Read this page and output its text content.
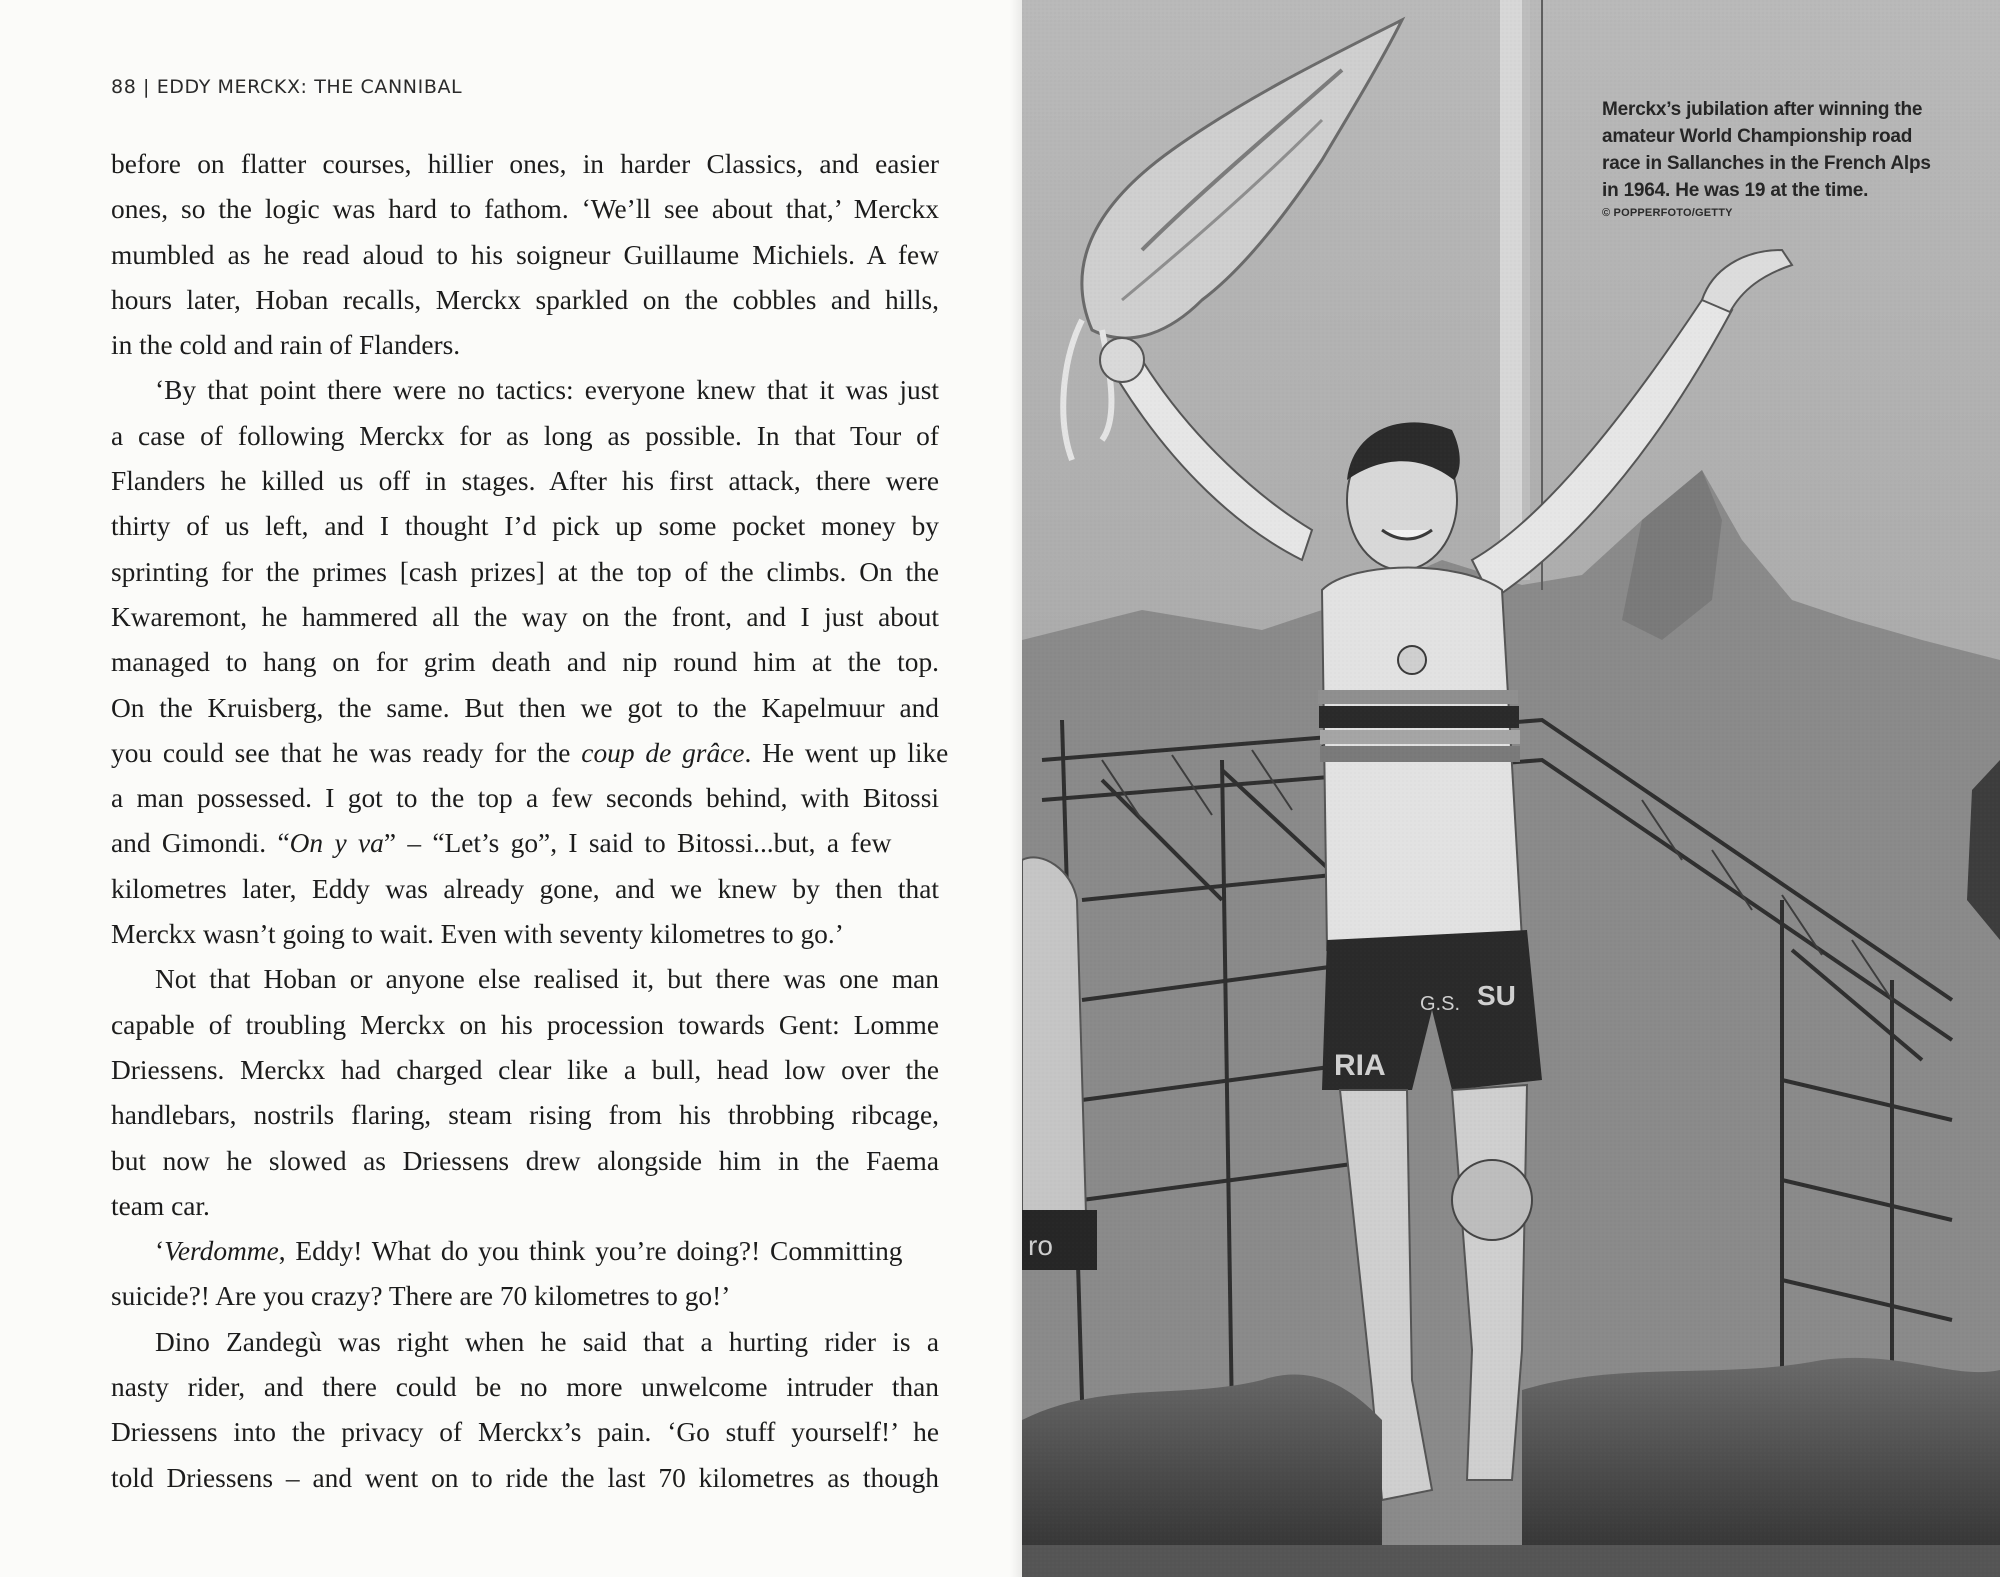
88 | EDDY MERCKX: THE CANNIBAL
before on flatter courses, hillier ones, in harder Classics, and easier
ones, so the logic was hard to fathom. ‘We’ll see about that,’ Merckx
mumbled as he read aloud to his soigneur Guillaume Michiels. A few
hours later, Hoban recalls, Merckx sparkled on the cobbles and hills,
in the cold and rain of Flanders.
‘By that point there were no tactics: everyone knew that it was just
a case of following Merckx for as long as possible. In that Tour of
Flanders he killed us off in stages. After his first attack, there were
thirty of us left, and I thought I’d pick up some pocket money by
sprinting for the primes [cash prizes] at the top of the climbs. On the
Kwaremont, he hammered all the way on the front, and I just about
managed to hang on for grim death and nip round him at the top.
On the Kruisberg, the same. But then we got to the Kapelmuur and
you could see that he was ready for the coup de grâce. He went up like
a man possessed. I got to the top a few seconds behind, with Bitossi
and Gimondi. “On y va” – “Let’s go”, I said to Bitossi...but, a few
kilometres later, Eddy was already gone, and we knew by then that
Merckx wasn’t going to wait. Even with seventy kilometres to go.’
Not that Hoban or anyone else realised it, but there was one man
capable of troubling Merckx on his procession towards Gent: Lomme
Driessens. Merckx had charged clear like a bull, head low over the
handlebars, nostrils flaring, steam rising from his throbbing ribcage,
but now he slowed as Driessens drew alongside him in the Faema
team car.
‘Verdomme, Eddy! What do you think you’re doing?! Committing
suicide?! Are you crazy? There are 70 kilometres to go!’
Dino Zandegù was right when he said that a hurting rider is a
nasty rider, and there could be no more unwelcome intruder than
Driessens into the privacy of Merckx’s pain. ‘Go stuff yourself!’ he
told Driessens – and went on to ride the last 70 kilometres as though
Merckx’s jubilation after winning the
amateur World Championship road
race in Sallanches in the French Alps
in 1964. He was 19 at the time.
© POPPERFOTO/GETTY
